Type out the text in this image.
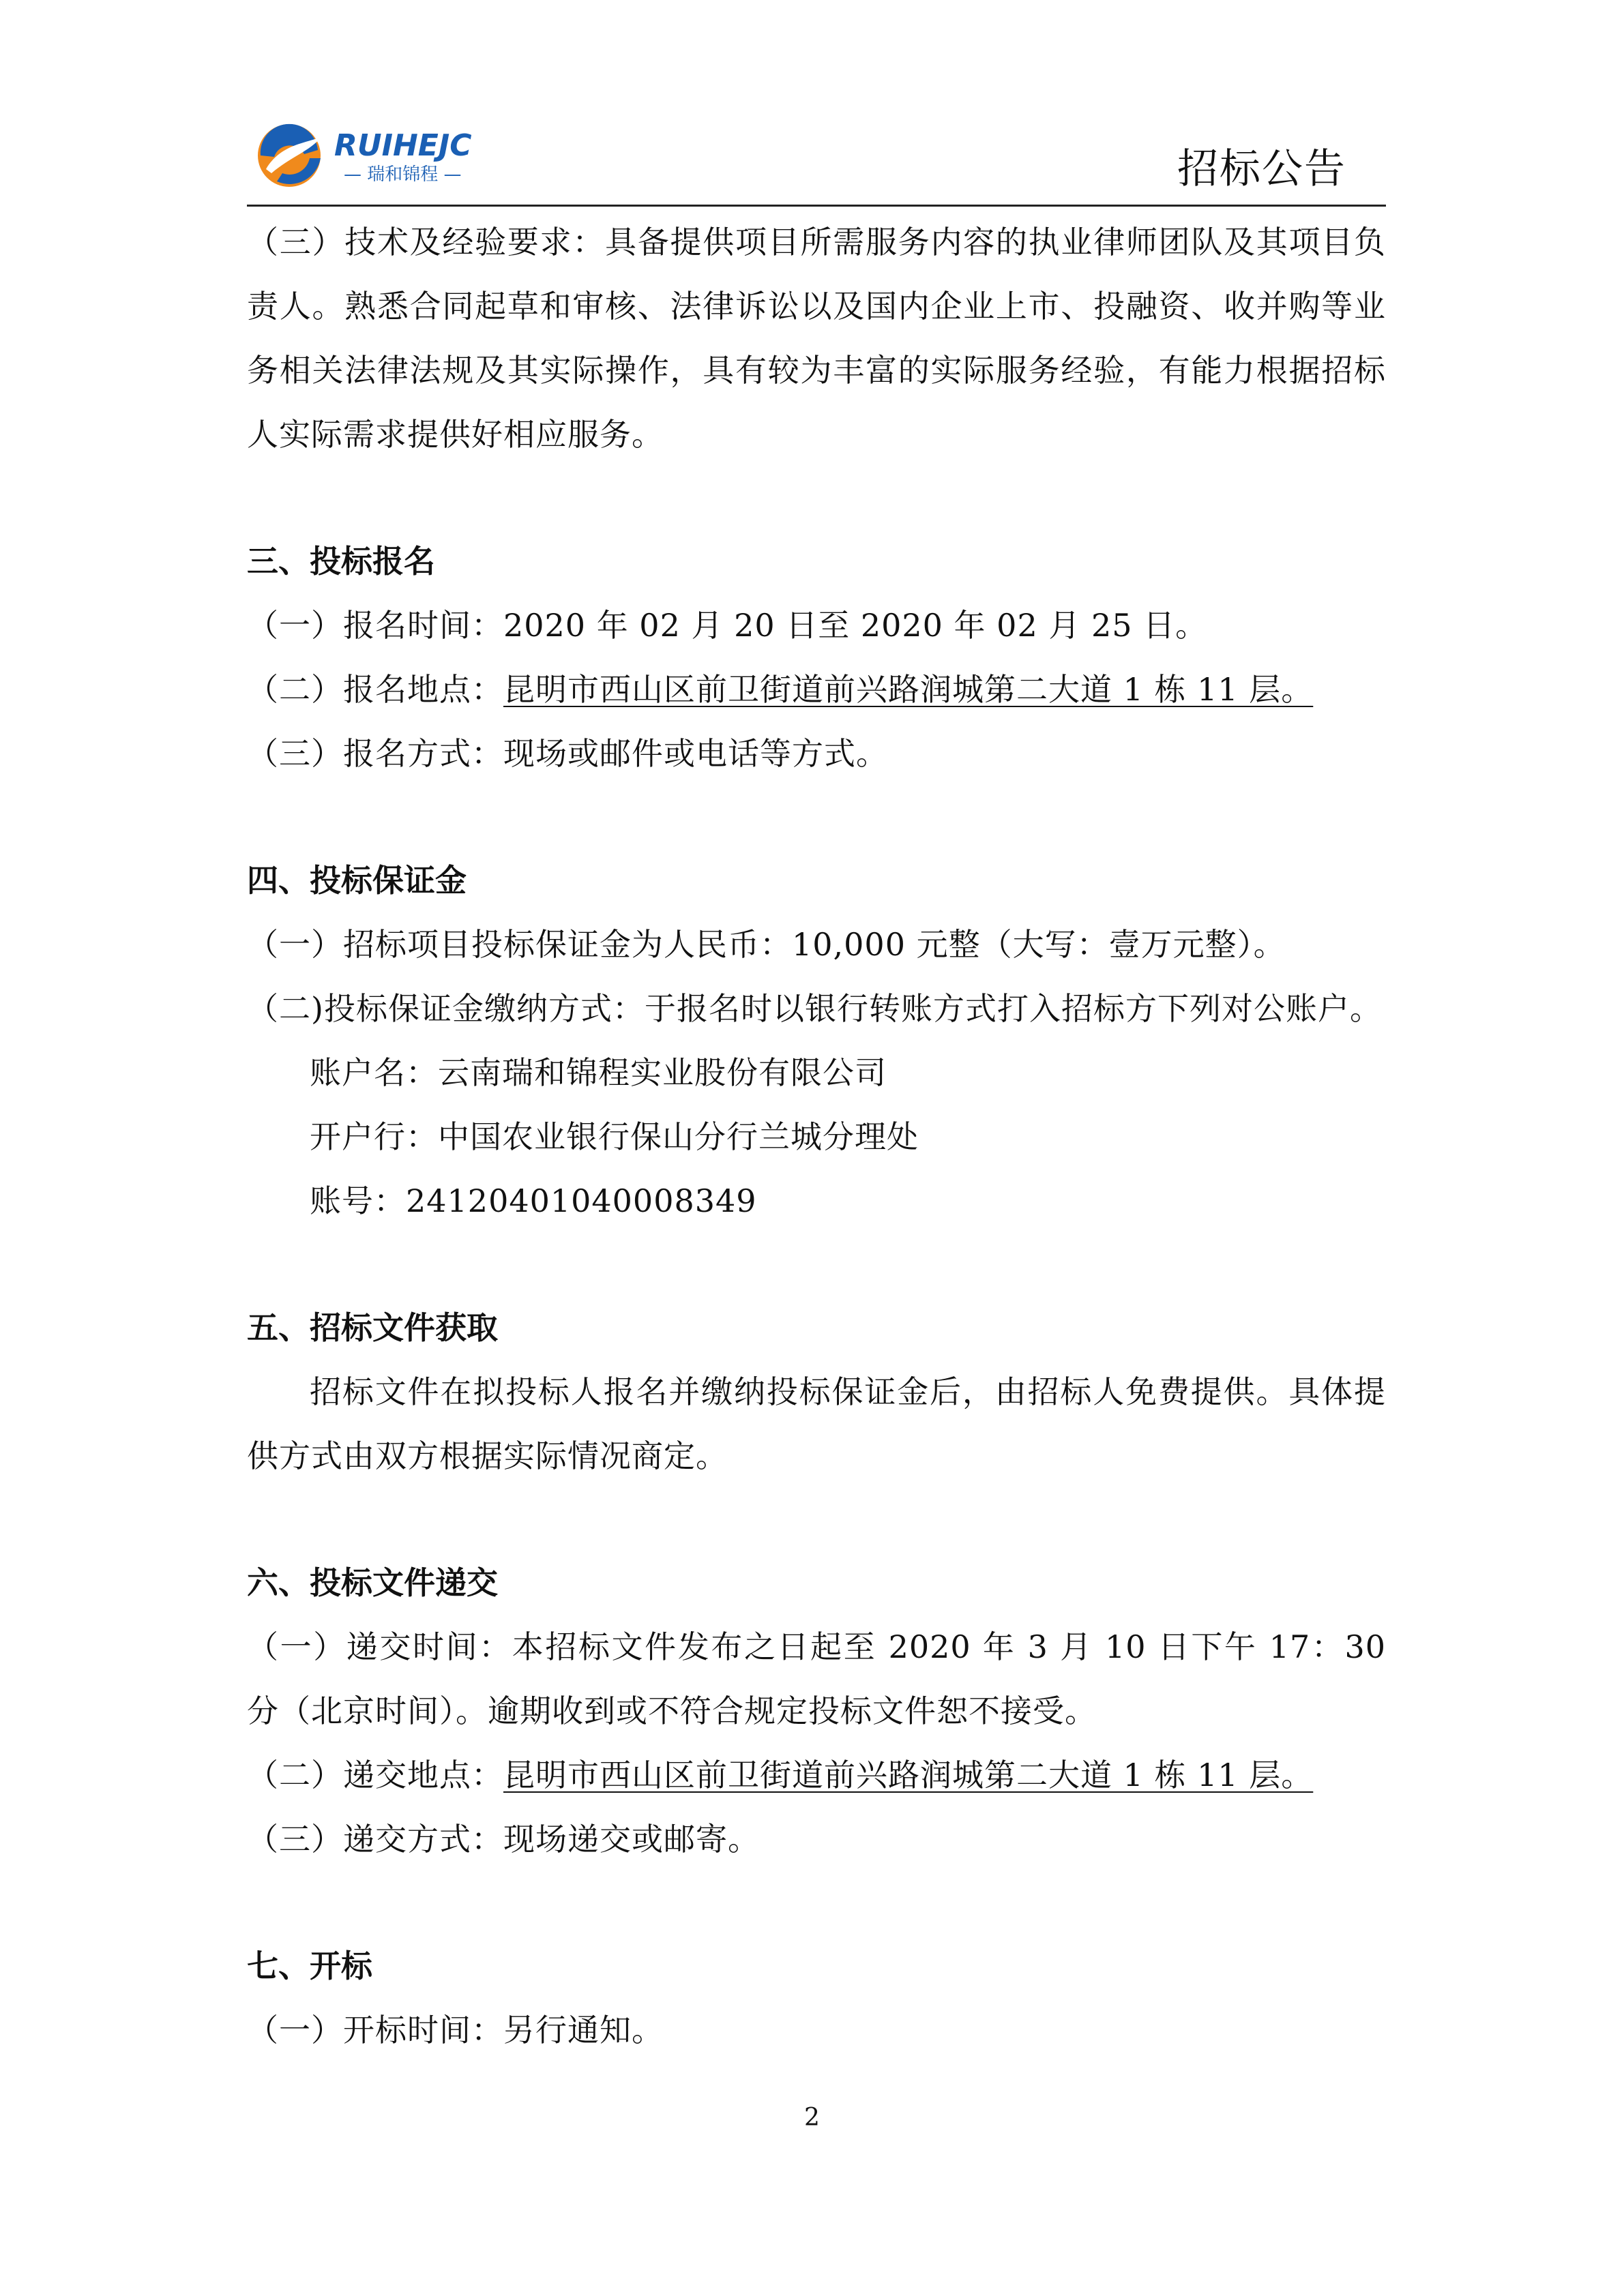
RUIHEJC
— 瑞和锦程 —	招标公告
（三）技术及经验要求：具备提供项目所需服务内容的执业律师团队及其项目负责人。熟悉合同起草和审核、法律诉讼以及国内企业上市、投融资、收并购等业务相关法律法规及其实际操作，具有较为丰富的实际服务经验，有能力根据招标人实际需求提供好相应服务。
三、投标报名
（一）报名时间：2020 年 02 月 20 日至 2020 年 02 月 25 日。
（二）报名地点：昆明市西山区前卫街道前兴路润城第二大道 1 栋 11 层。
（三）报名方式：现场或邮件或电话等方式。
四、投标保证金
（一）招标项目投标保证金为人民币：10,000 元整（大写：壹万元整）。
（二)投标保证金缴纳方式：于报名时以银行转账方式打入招标方下列对公账户。
账户名：云南瑞和锦程实业股份有限公司
开户行：中国农业银行保山分行兰城分理处
账号：24120401040008349
五、招标文件获取
招标文件在拟投标人报名并缴纳投标保证金后，由招标人免费提供。具体提供方式由双方根据实际情况商定。
六、投标文件递交
（一）递交时间：本招标文件发布之日起至 2020 年 3 月 10 日下午 17：30 分（北京时间）。逾期收到或不符合规定投标文件恕不接受。
（二）递交地点：昆明市西山区前卫街道前兴路润城第二大道 1 栋 11 层。
（三）递交方式：现场递交或邮寄。
七、开标
（一）开标时间：另行通知。
2
